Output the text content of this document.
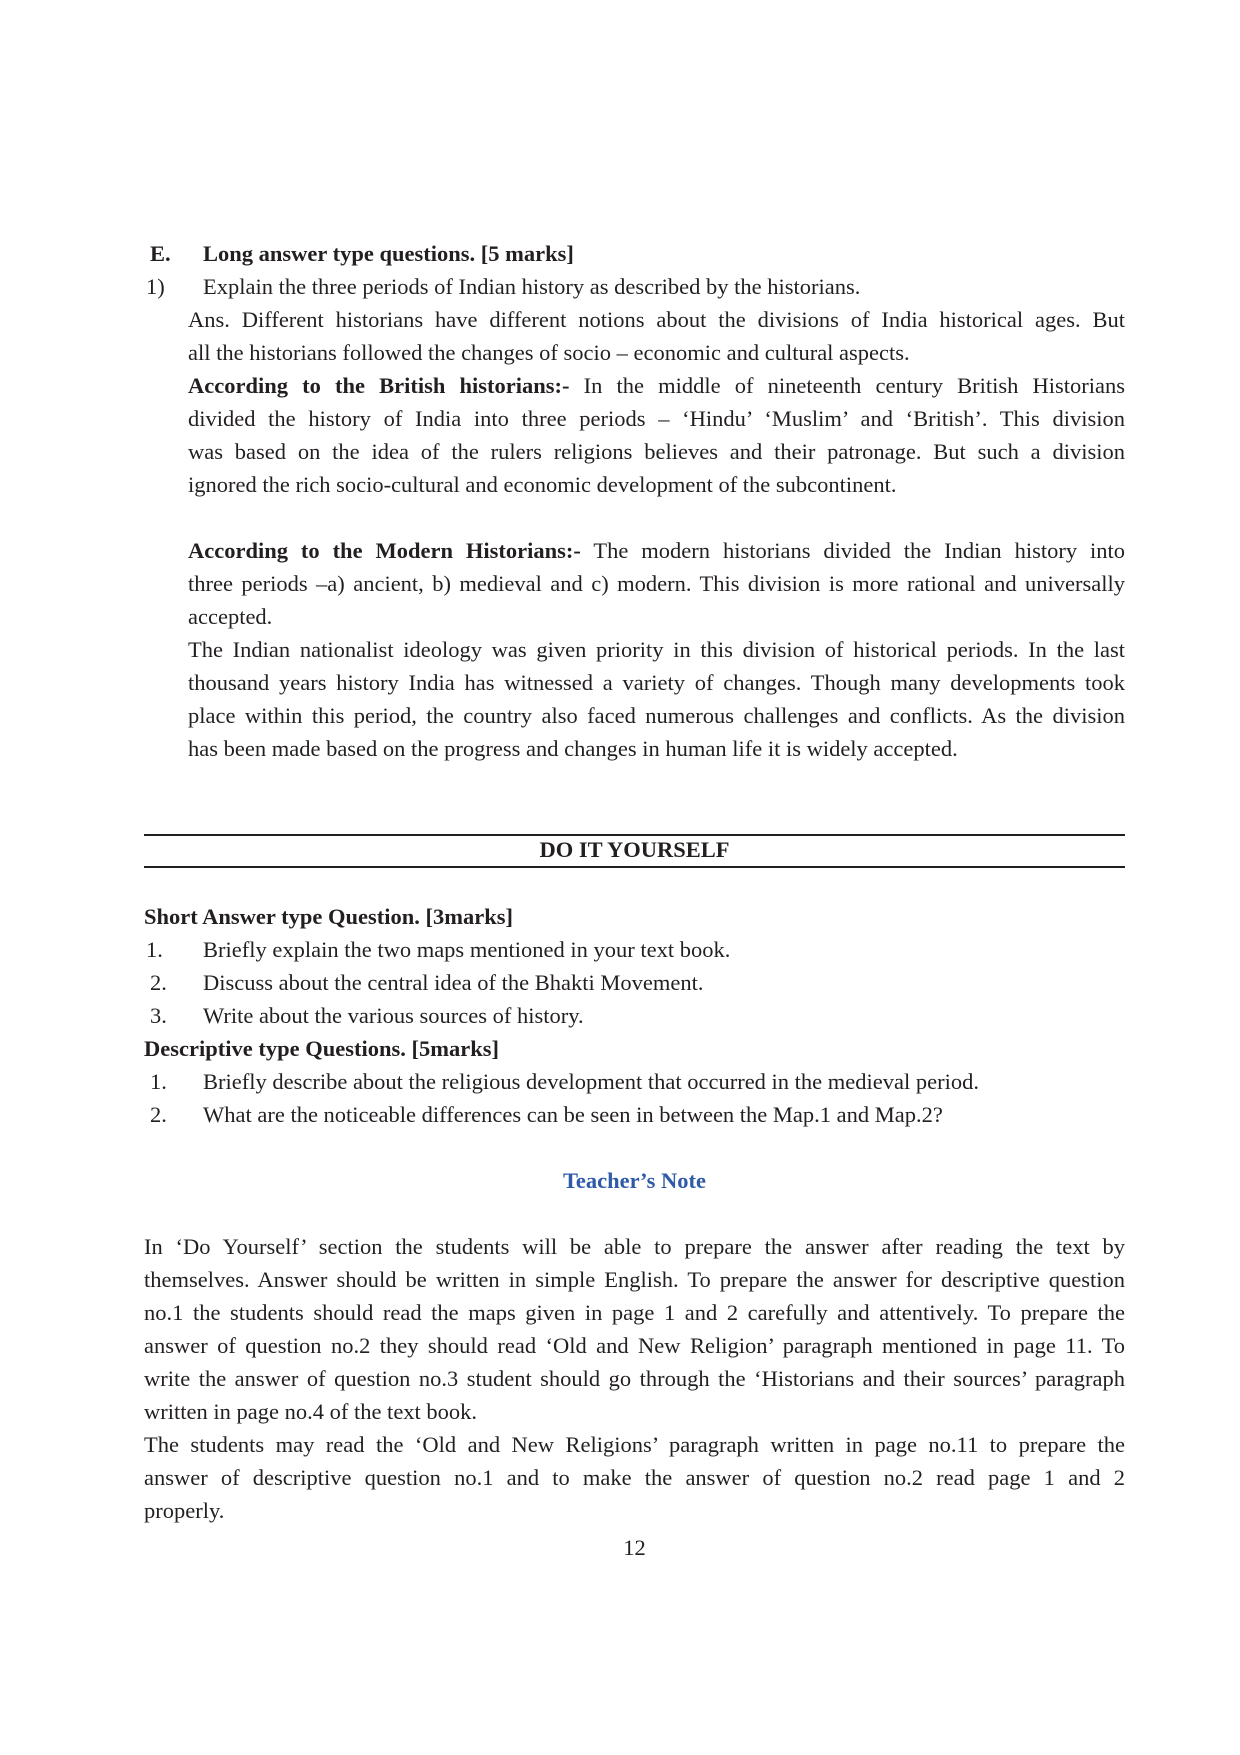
E. Long answer type questions. [5 marks]
1) Explain the three periods of Indian history as described by the historians.
Ans. Different historians have different notions about the divisions of India historical ages. But
all the historians followed the changes of socio – economic and cultural aspects.
According to the British historians:- In the middle of nineteenth century British Historians
divided the history of India into three periods – ‘Hindu’ ‘Muslim’ and ‘British’. This division
was based on the idea of the rulers religions believes and their patronage. But such a division
ignored the rich socio-cultural and economic development of the subcontinent.
According to the Modern Historians:- The modern historians divided the Indian history into
three periods –a) ancient, b) medieval and c) modern. This division is more rational and universally
accepted.
The Indian nationalist ideology was given priority in this division of historical periods. In the last
thousand years history India has witnessed a variety of changes. Though many developments took
place within this period, the country also faced numerous challenges and conflicts. As the division
has been made based on the progress and changes in human life it is widely accepted.
DO IT YOURSELF
Short Answer type Question. [3marks]
1. Briefly explain the two maps mentioned in your text book.
2. Discuss about the central idea of the Bhakti Movement.
3. Write about the various sources of history.
Descriptive type Questions. [5marks]
1. Briefly describe about the religious development that occurred in the medieval period.
2. What are the noticeable differences can be seen in between the Map.1 and Map.2?
Teacher’s Note
In ‘Do Yourself’ section the students will be able to prepare the answer after reading the text by
themselves. Answer should be written in simple English. To prepare the answer for descriptive question
no.1 the students should read the maps given in page 1 and 2 carefully and attentively. To prepare the
answer of question no.2 they should read ‘Old and New Religion’ paragraph mentioned in page 11. To
write the answer of question no.3 student should go through the ‘Historians and their sources’ paragraph
written in page no.4 of the text book.
The students may read the ‘Old and New Religions’ paragraph written in page no.11 to prepare the
answer of descriptive question no.1 and to make the answer of question no.2 read page 1 and 2
properly.
12
